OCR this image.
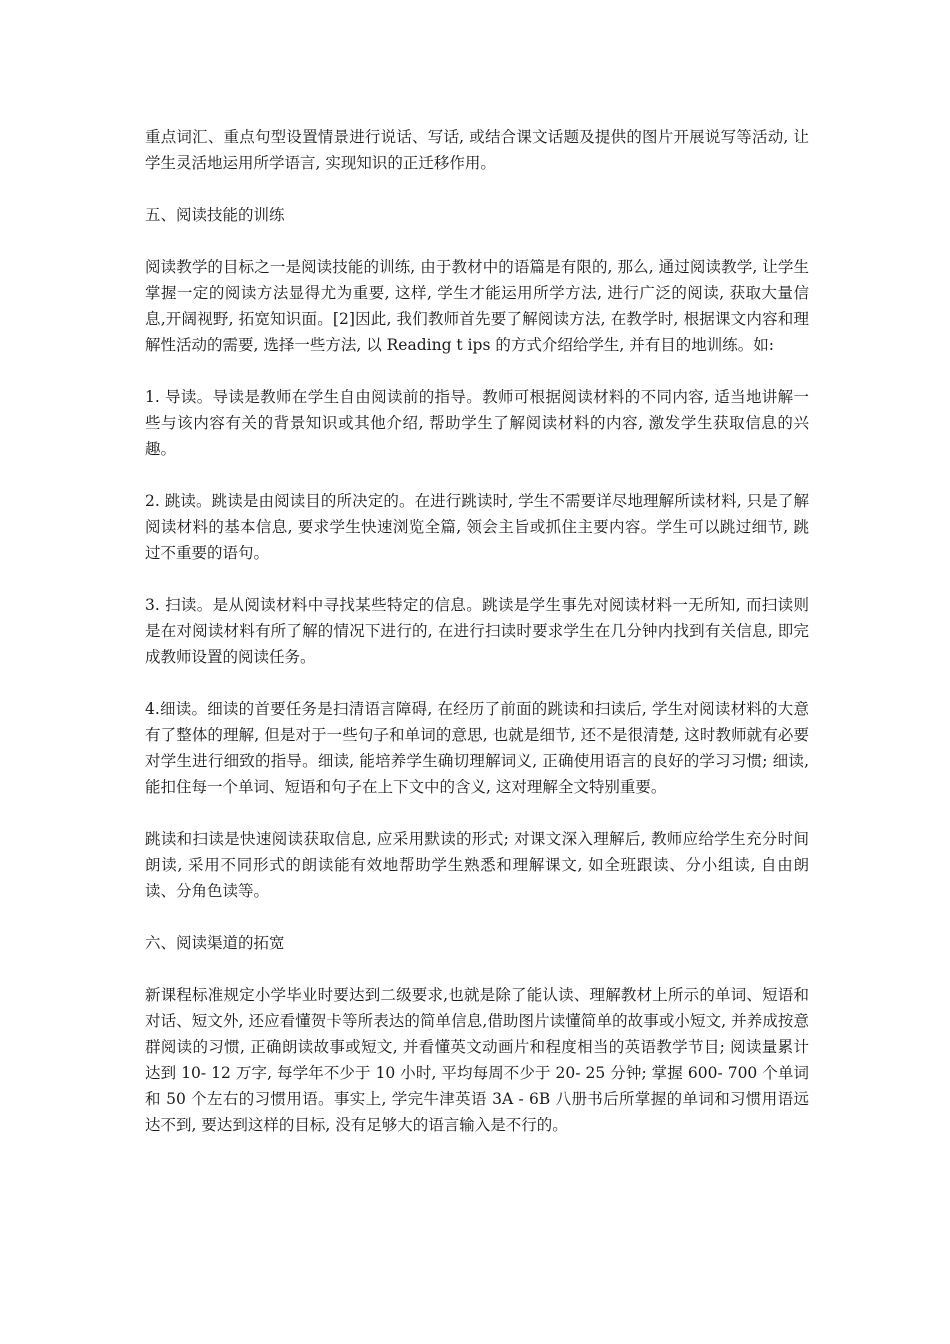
重点词汇、重点句型设置情景进行说话、写话, 或结合课文话题及提供的图片开展说写等活动, 让学生灵活地运用所学语言, 实现知识的正迁移作用。

五、阅读技能的训练

阅读教学的目标之一是阅读技能的训练, 由于教材中的语篇是有限的, 那么, 通过阅读教学, 让学生掌握一定的阅读方法显得尤为重要, 这样, 学生才能运用所学方法, 进行广泛的阅读, 获取大量信息,开阔视野, 拓宽知识面。[2]因此, 我们教师首先要了解阅读方法, 在教学时, 根据课文内容和理解性活动的需要, 选择一些方法, 以 Reading t ips 的方式介绍给学生, 并有目的地训练。如:

1. 导读。导读是教师在学生自由阅读前的指导。教师可根据阅读材料的不同内容, 适当地讲解一些与该内容有关的背景知识或其他介绍, 帮助学生了解阅读材料的内容, 激发学生获取信息的兴趣。

2. 跳读。跳读是由阅读目的所决定的。在进行跳读时, 学生不需要详尽地理解所读材料, 只是了解阅读材料的基本信息, 要求学生快速浏览全篇, 领会主旨或抓住主要内容。学生可以跳过细节, 跳过不重要的语句。

3. 扫读。是从阅读材料中寻找某些特定的信息。跳读是学生事先对阅读材料一无所知, 而扫读则是在对阅读材料有所了解的情况下进行的, 在进行扫读时要求学生在几分钟内找到有关信息, 即完成教师设置的阅读任务。

4.细读。细读的首要任务是扫清语言障碍, 在经历了前面的跳读和扫读后, 学生对阅读材料的大意有了整体的理解, 但是对于一些句子和单词的意思, 也就是细节, 还不是很清楚, 这时教师就有必要对学生进行细致的指导。细读, 能培养学生确切理解词义, 正确使用语言的良好的学习习惯; 细读, 能扣住每一个单词、短语和句子在上下文中的含义, 这对理解全文特别重要。

跳读和扫读是快速阅读获取信息, 应采用默读的形式; 对课文深入理解后, 教师应给学生充分时间朗读, 采用不同形式的朗读能有效地帮助学生熟悉和理解课文, 如全班跟读、分小组读, 自由朗读、分角色读等。

六、阅读渠道的拓宽

新课程标准规定小学毕业时要达到二级要求,也就是除了能认读、理解教材上所示的单词、短语和对话、短文外, 还应看懂贺卡等所表达的简单信息,借助图片读懂简单的故事或小短文, 并养成按意群阅读的习惯, 正确朗读故事或短文, 并看懂英文动画片和程度相当的英语教学节目; 阅读量累计达到 10- 12 万字, 每学年不少于 10 小时, 平均每周不少于 20- 25 分钟; 掌握 600- 700 个单词和 50 个左右的习惯用语。事实上, 学完牛津英语 3A - 6B 八册书后所掌握的单词和习惯用语远达不到, 要达到这样的目标, 没有足够大的语言输入是不行的。
